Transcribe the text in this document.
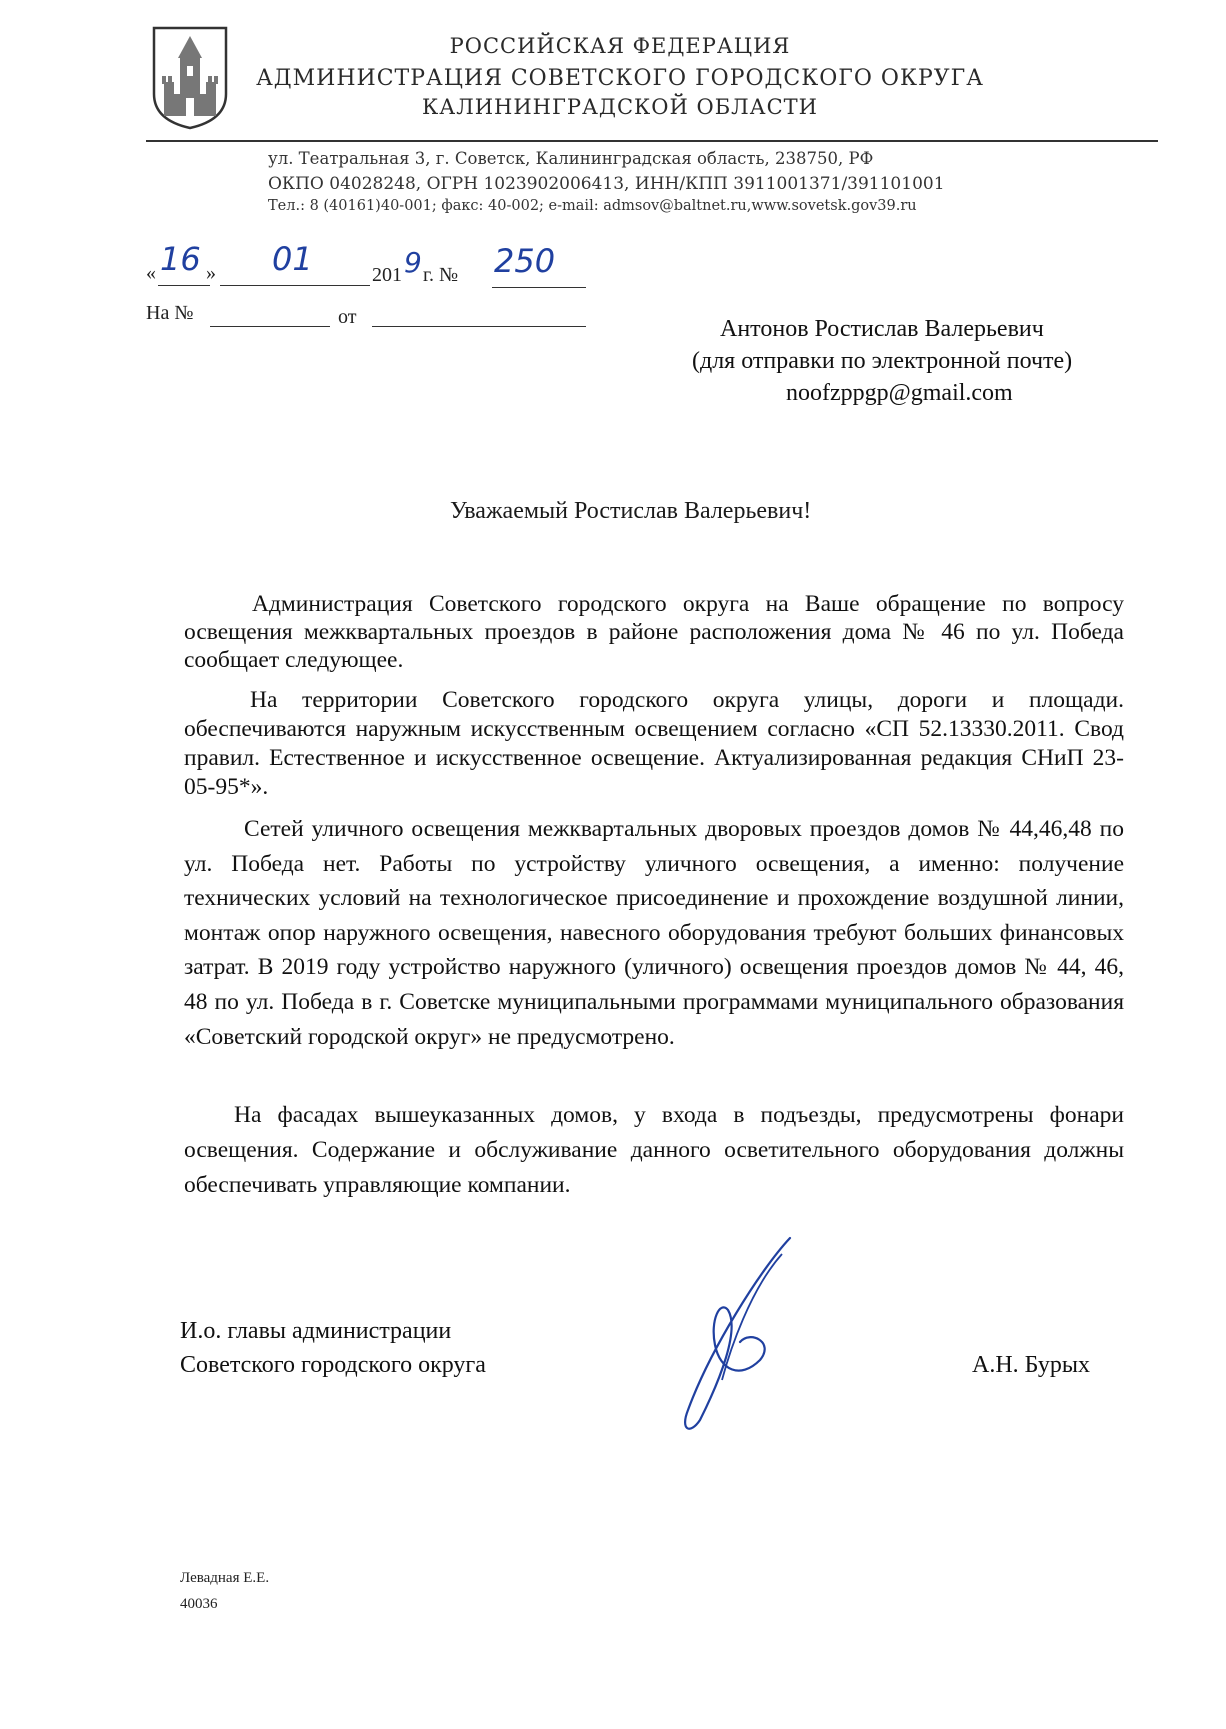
РОССИЙСКАЯ ФЕДЕРАЦИЯ
АДМИНИСТРАЦИЯ СОВЕТСКОГО ГОРОДСКОГО ОКРУГА
КАЛИНИНГРАДСКОЙ ОБЛАСТИ
ул. Театральная 3, г. Советск, Калининградская область, 238750, РФ
ОКПО 04028248, ОГРН 1023902006413, ИНН/КПП 3911001371/391101001
Тел.: 8 (40161)40-001; факс: 40-002; e-mail: admsov@baltnet.ru,www.sovetsk.gov39.ru
« 16 » 01	201 9 г. № 250
На №	от	Антонов Ростислав Валерьевич
(для отправки по электронной почте)
noofzppgp@gmail.com
Уважаемый Ростислав Валерьевич!

Администрация Советского городского округа на Ваше обращение по вопросу освещения межквартальных проездов в районе расположения дома № 46 по ул. Победа сообщает следующее.

На территории Советского городского округа улицы, дороги и площади. обеспечиваются наружным искусственным освещением согласно «СП 52.13330.2011. Свод правил. Естественное и искусственное освещение. Актуализированная редакция СНиП 23-05-95*».

Сетей уличного освещения межквартальных дворовых проездов домов № 44,46,48 по ул. Победа нет. Работы по устройству уличного освещения, а именно: получение технических условий на технологическое присоединение и прохождение воздушной линии, монтаж опор наружного освещения, навесного оборудования требуют больших финансовых затрат. В 2019 году устройство наружного (уличного) освещения проездов домов № 44, 46, 48 по ул. Победа в г. Советске муниципальными программами муниципального образования «Советский городской округ» не предусмотрено.

На фасадах вышеуказанных домов, у входа в подъезды, предусмотрены фонари освещения. Содержание и обслуживание данного осветительного оборудования должны обеспечивать управляющие компании.

И.о. главы администрации
Советского городского округа	А.Н. Бурых
Левадная Е.Е.
40036
